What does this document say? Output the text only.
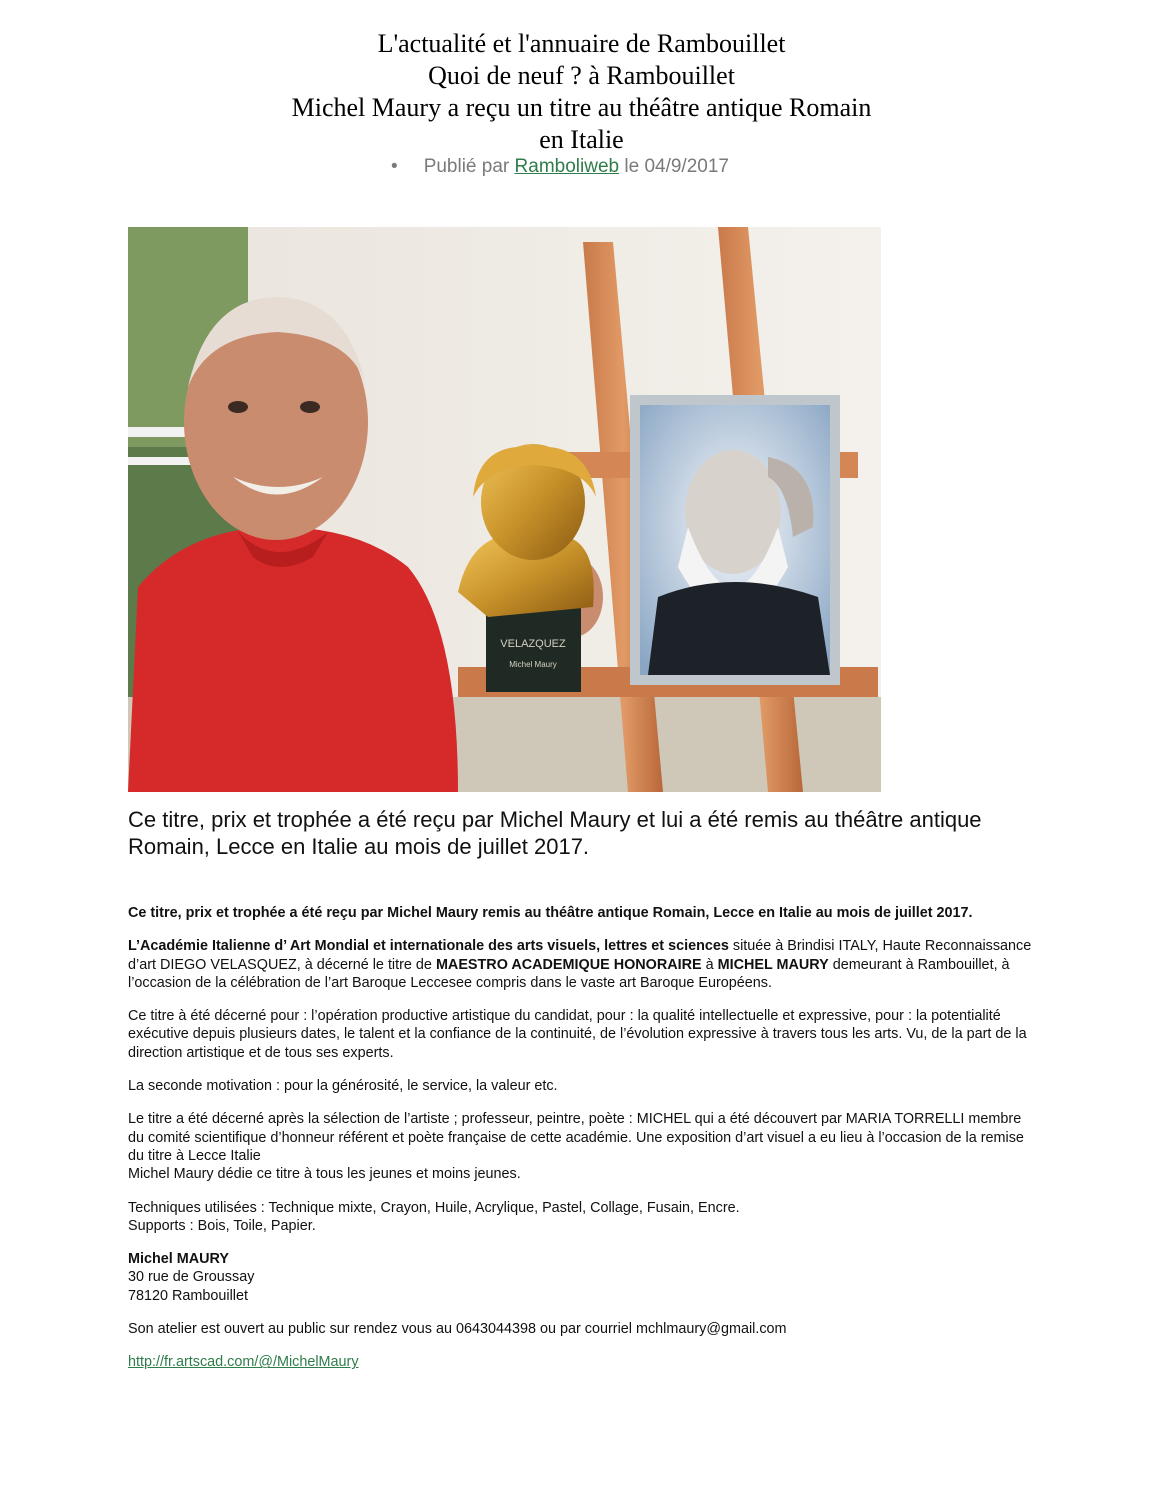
L'actualité et l'annuaire de Rambouillet
Quoi de neuf ? à Rambouillet
Michel Maury a reçu un titre au théâtre antique Romain
en Italie
• Publié par Ramboliweb le 04/9/2017
VELAZQUEZ
Michel Maury
Ce titre, prix et trophée a été reçu par Michel Maury et lui a été remis au théâtre antique Romain, Lecce en Italie au mois de juillet 2017.

Ce titre, prix et trophée a été reçu par Michel Maury remis au théâtre antique Romain, Lecce en Italie au mois de juillet 2017.

L’Académie Italienne d’ Art Mondial et internationale des arts visuels, lettres et sciences située à Brindisi ITALY, Haute Reconnaissance d’art DIEGO VELASQUEZ, à décerné le titre de MAESTRO ACADEMIQUE HONORAIRE à MICHEL MAURY demeurant à Rambouillet, à l’occasion de la célébration de l’art Baroque Leccesee compris dans le vaste art Baroque Européens.

Ce titre à été décerné pour : l’opération productive artistique du candidat, pour : la qualité intellectuelle et expressive, pour : la potentialité exécutive depuis plusieurs dates, le talent et la confiance de la continuité, de l’évolution expressive à travers tous les arts. Vu, de la part de la direction artistique et de tous ses experts.

La seconde motivation : pour la générosité, le service, la valeur etc.

Le titre a été décerné après la sélection de l’artiste ; professeur, peintre, poète : MICHEL qui a été découvert par MARIA TORRELLI membre du comité scientifique d’honneur référent et poète française de cette académie. Une exposition d’art visuel a eu lieu à l’occasion de la remise du titre à Lecce Italie
Michel Maury dédie ce titre à tous les jeunes et moins jeunes.

Techniques utilisées : Technique mixte, Crayon, Huile, Acrylique, Pastel, Collage, Fusain, Encre.
Supports : Bois, Toile, Papier.

Michel MAURY
30 rue de Groussay
78120 Rambouillet

Son atelier est ouvert au public sur rendez vous au 0643044398 ou par courriel mchlmaury@gmail.com

http://fr.artscad.com/@/MichelMaury
